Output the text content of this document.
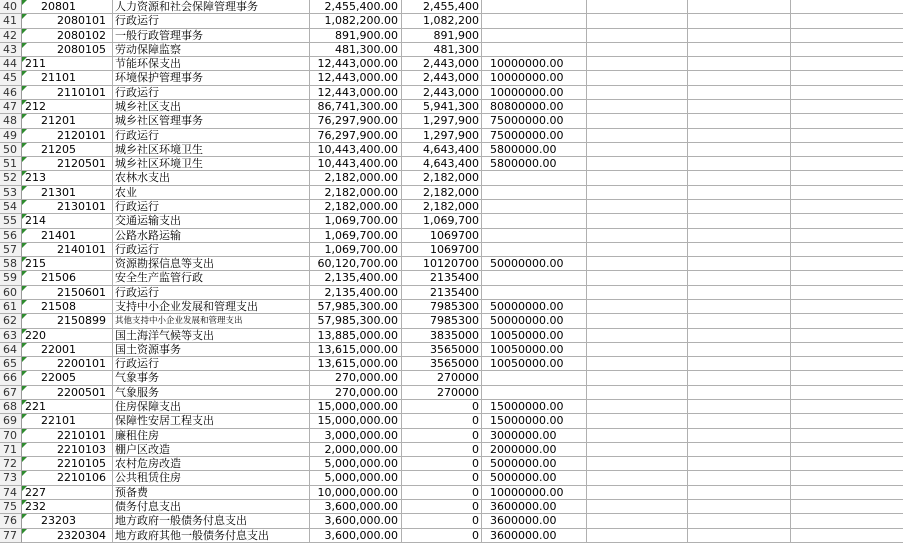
40	20801	人力资源和社会保障管理事务	2,455,400.00	2,455,400
41	2080101 行政运行	1,082,200.00	1,082,200
42	2080102 一般行政管理事务	891,900.00	891,900
43	2080105 劳动保障监察	481,300.00	481,300
44 211	节能环保支出	12,443,000.00	2,443,000	10000000.00
45	21101	环境保护管理事务	12,443,000.00	2,443,000	10000000.00
46	2110101 行政运行	12,443,000.00	2,443,000	10000000.00
47 212	城乡社区支出	86,741,300.00	5,941,300	80800000.00
48	21201	城乡社区管理事务	76,297,900.00	1,297,900	75000000.00
49	2120101 行政运行	76,297,900.00	1,297,900	75000000.00
50	21205	城乡社区环境卫生	10,443,400.00	4,643,400	5800000.00
51	2120501 城乡社区环境卫生	10,443,400.00	4,643,400	5800000.00
52 213	农林水支出	2,182,000.00	2,182,000
53	21301	农业	2,182,000.00	2,182,000
54	2130101 行政运行	2,182,000.00	2,182,000
55 214	交通运输支出	1,069,700.00	1,069,700
56	21401	公路水路运输	1,069,700.00	1069700
57	2140101 行政运行	1,069,700.00	1069700
58 215	资源勘探信息等支出	60,120,700.00	10120700	50000000.00
59	21506	安全生产监管行政	2,135,400.00	2135400
60	2150601 行政运行	2,135,400.00	2135400
61	21508	支持中小企业发展和管理支出	57,985,300.00	7985300	50000000.00
62	2150899	其他支持中小企业发展和管理支出	57,985,300.00	7985300	50000000.00
63 220	国土海洋气候等支出	13,885,000.00	3835000	10050000.00
64	22001	国土资源事务	13,615,000.00	3565000	10050000.00
65	2200101 行政运行	13,615,000.00	3565000	10050000.00
66	22005	气象事务	270,000.00	270000
67	2200501 气象服务	270,000.00	270000
68 221	住房保障支出	15,000,000.00	0	15000000.00
69	22101	保障性安居工程支出	15,000,000.00	0	15000000.00
70	2210101 廉租住房	3,000,000.00	0	3000000.00
71	2210103 棚户区改造	2,000,000.00	0	2000000.00
72	2210105 农村危房改造	5,000,000.00	0	5000000.00
73	2210106 公共租赁住房	5,000,000.00	0	5000000.00
74 227	预备费	10,000,000.00	0	10000000.00
75 232	债务付息支出	3,600,000.00	0	3600000.00
76	23203	地方政府一般债务付息支出	3,600,000.00	0	3600000.00
77	2320304 地方政府其他一般债务付息支出	3,600,000.00	0	3600000.00
